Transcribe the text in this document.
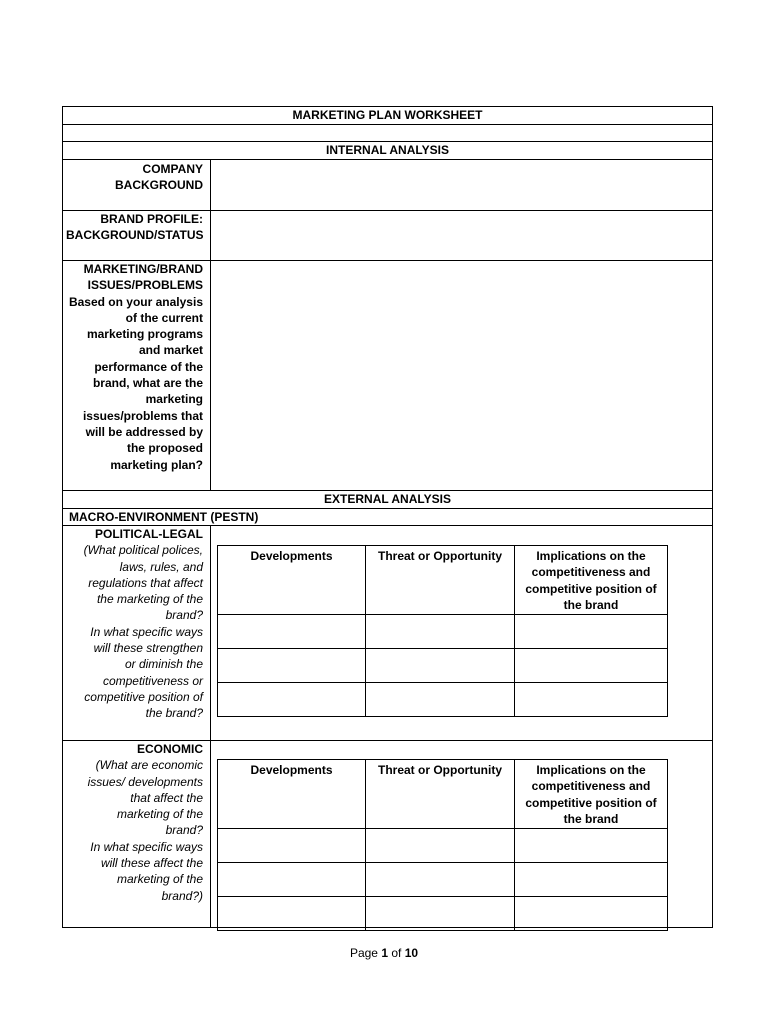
MARKETING PLAN WORKSHEET
INTERNAL ANALYSIS
COMPANY
BACKGROUND
BRAND PROFILE:
BACKGROUND/STATUS
MARKETING/BRAND
ISSUES/PROBLEMS
Based on your analysis
of the current
marketing programs
and market
performance of the
brand, what are the
marketing
issues/problems that
will be addressed by
the proposed
marketing plan?
EXTERNAL ANALYSIS
MACRO-ENVIRONMENT (PESTN)
POLITICAL-LEGAL
(What political polices,
laws, rules, and
regulations that affect
the marketing of the
brand?
In what specific ways
will these strengthen
or diminish the
competitiveness or
competitive position of
the brand?
Developments	Threat or Opportunity	Implications on the
competitiveness and
competitive position of
the brand

ECONOMIC
(What are economic
issues/ developments
that affect the
marketing of the
brand?
In what specific ways
will these affect the
marketing of the
brand?)
Developments	Threat or Opportunity	Implications on the
competitiveness and
competitive position of
the brand

Page 1 of 10
